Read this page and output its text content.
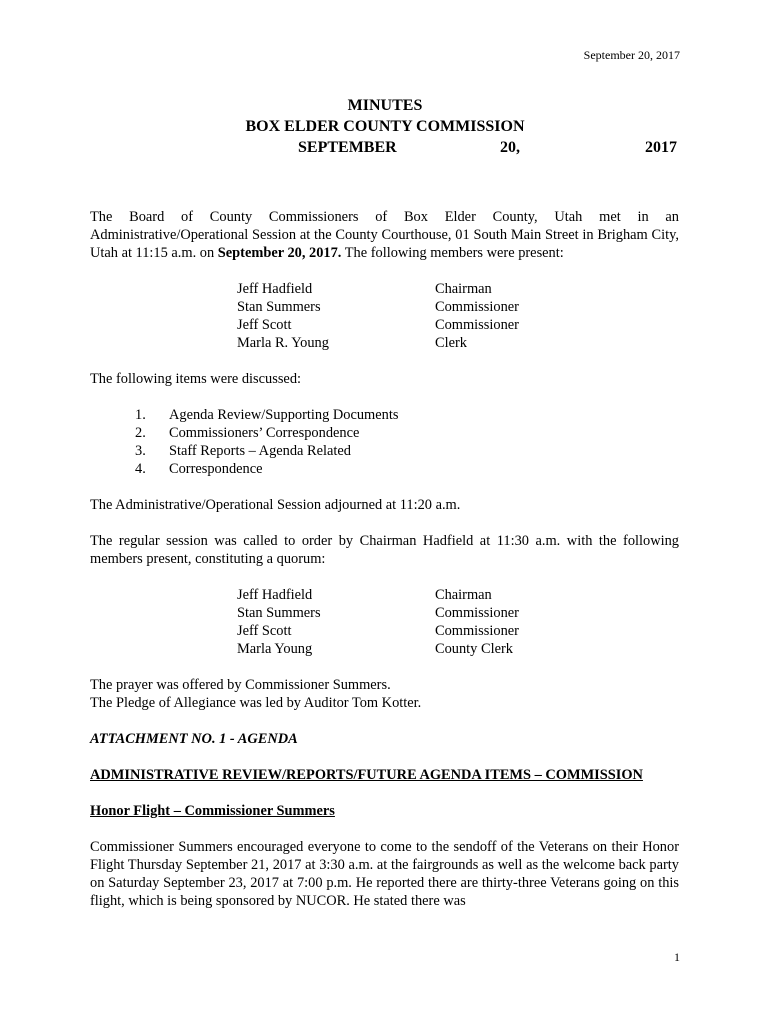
September 20, 2017
MINUTES
BOX ELDER COUNTY COMMISSION
SEPTEMBER	20,	2017

The Board of County Commissioners of Box Elder County, Utah met in an Administrative/Operational Session at the County Courthouse, 01 South Main Street in Brigham City, Utah at 11:15 a.m. on September 20, 2017. The following members were present:

Jeff Hadfield	Chairman
Stan Summers	Commissioner
Jeff Scott	Commissioner
Marla R. Young	Clerk

The following items were discussed:

1.	Agenda Review/Supporting Documents
2.	Commissioners’ Correspondence
3.	Staff Reports – Agenda Related
4.	Correspondence

The Administrative/Operational Session adjourned at 11:20 a.m.

The regular session was called to order by Chairman Hadfield at 11:30 a.m. with the following members present, constituting a quorum:

Jeff Hadfield	Chairman
Stan Summers	Commissioner
Jeff Scott	Commissioner
Marla Young	County Clerk

The prayer was offered by Commissioner Summers.

The Pledge of Allegiance was led by Auditor Tom Kotter.

ATTACHMENT NO. 1 - AGENDA

ADMINISTRATIVE REVIEW/REPORTS/FUTURE AGENDA ITEMS – COMMISSION

Honor Flight – Commissioner Summers

Commissioner Summers encouraged everyone to come to the sendoff of the Veterans on their Honor Flight Thursday September 21, 2017 at 3:30 a.m. at the fairgrounds as well as the welcome back party on Saturday September 23, 2017 at 7:00 p.m. He reported there are thirty-three Veterans going on this flight, which is being sponsored by NUCOR. He stated there was

1
